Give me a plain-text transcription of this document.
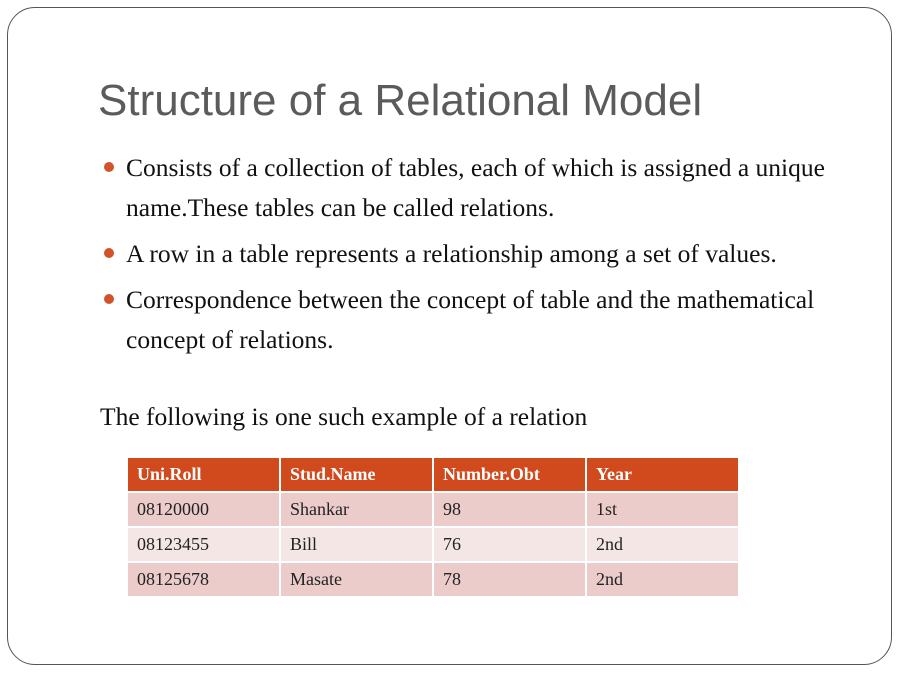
Structure of a Relational Model
Consists of a collection of tables, each of which is assigned a unique name.These tables can be called relations.
A row in a table represents a relationship among a set of values.
Correspondence between the concept of table and the mathematical concept of relations.
The following is one such example of a relation
Uni.Roll	Stud.Name	Number.Obt	Year
08120000	Shankar	98	1st
08123455	Bill	76	2nd
08125678	Masate	78	2nd
